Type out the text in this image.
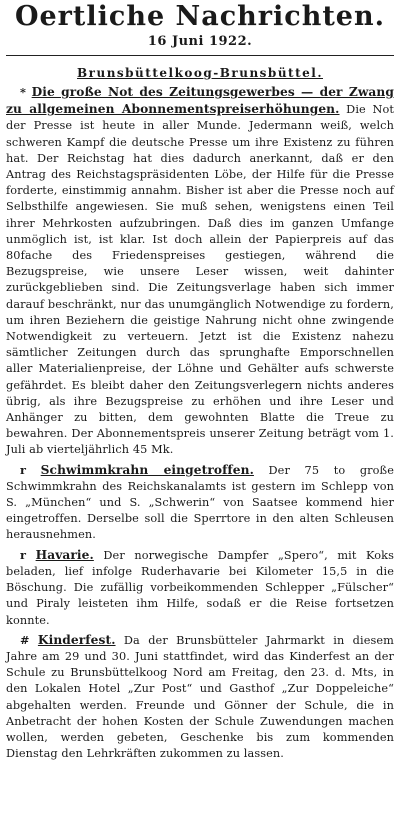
Oertliche Nachrichten.
16 Juni 1922.
Brunsbüttelkoog-Brunsbüttel.

* Die große Not des Zeitungsgewerbes — der Zwang zu allgemeinen Abonnementspreiserhöhungen. Die Not der Presse ist heute in aller Munde. Jedermann weiß, welch schweren Kampf die deutsche Presse um ihre Existenz zu führen hat. Der Reichstag hat dies dadurch anerkannt, daß er den Antrag des Reichstagspräsidenten Löbe, der Hilfe für die Presse forderte, einstimmig annahm. Bisher ist aber die Presse noch auf Selbsthilfe angewiesen. Sie muß sehen, wenigstens einen Teil ihrer Mehrkosten aufzubringen. Daß dies im ganzen Umfange unmöglich ist, ist klar. Ist doch allein der Papierpreis auf das 80fache des Friedenspreises gestiegen, während die Bezugspreise, wie unsere Leser wissen, weit dahinter zurückgeblieben sind. Die Zeitungsverlage haben sich immer darauf beschränkt, nur das unumgänglich Notwendige zu fordern, um ihren Beziehern die geistige Nahrung nicht ohne zwingende Notwendigkeit zu verteuern. Jetzt ist die Existenz nahezu sämtlicher Zeitungen durch das sprunghafte Emporschnellen aller Materialienpreise, der Löhne und Gehälter aufs schwerste gefährdet. Es bleibt daher den Zeitungsverlegern nichts anderes übrig, als ihre Bezugspreise zu erhöhen und ihre Leser und Anhänger zu bitten, dem gewohnten Blatte die Treue zu bewahren. Der Abonnementspreis unserer Zeitung beträgt vom 1. Juli ab vierteljährlich 45 Mk.

r Schwimmkrahn eingetroffen. Der 75 to große Schwimmkrahn des Reichskanalamts ist gestern im Schlepp von S. „München“ und S. „Schwerin“ von Saatsee kommend hier eingetroffen. Derselbe soll die Sperrtore in den alten Schleusen herausnehmen.

r Havarie. Der norwegische Dampfer „Spero“, mit Koks beladen, lief infolge Ruderhavarie bei Kilometer 15,5 in die Böschung. Die zufällig vorbeikommenden Schlepper „Fülscher“ und Piraly leisteten ihm Hilfe, sodaß er die Reise fortsetzen konnte.

# Kinderfest. Da der Brunsbütteler Jahrmarkt in diesem Jahre am 29 und 30. Juni stattfindet, wird das Kinderfest an der Schule zu Brunsbüttelkoog Nord am Freitag, den 23. d. Mts, in den Lokalen Hotel „Zur Post“ und Gasthof „Zur Doppeleiche“ abgehalten werden. Freunde und Gönner der Schule, die in Anbetracht der hohen Kosten der Schule Zuwendungen machen wollen, werden gebeten, Geschenke bis zum kommenden Dienstag den Lehrkräften zukommen zu lassen.
